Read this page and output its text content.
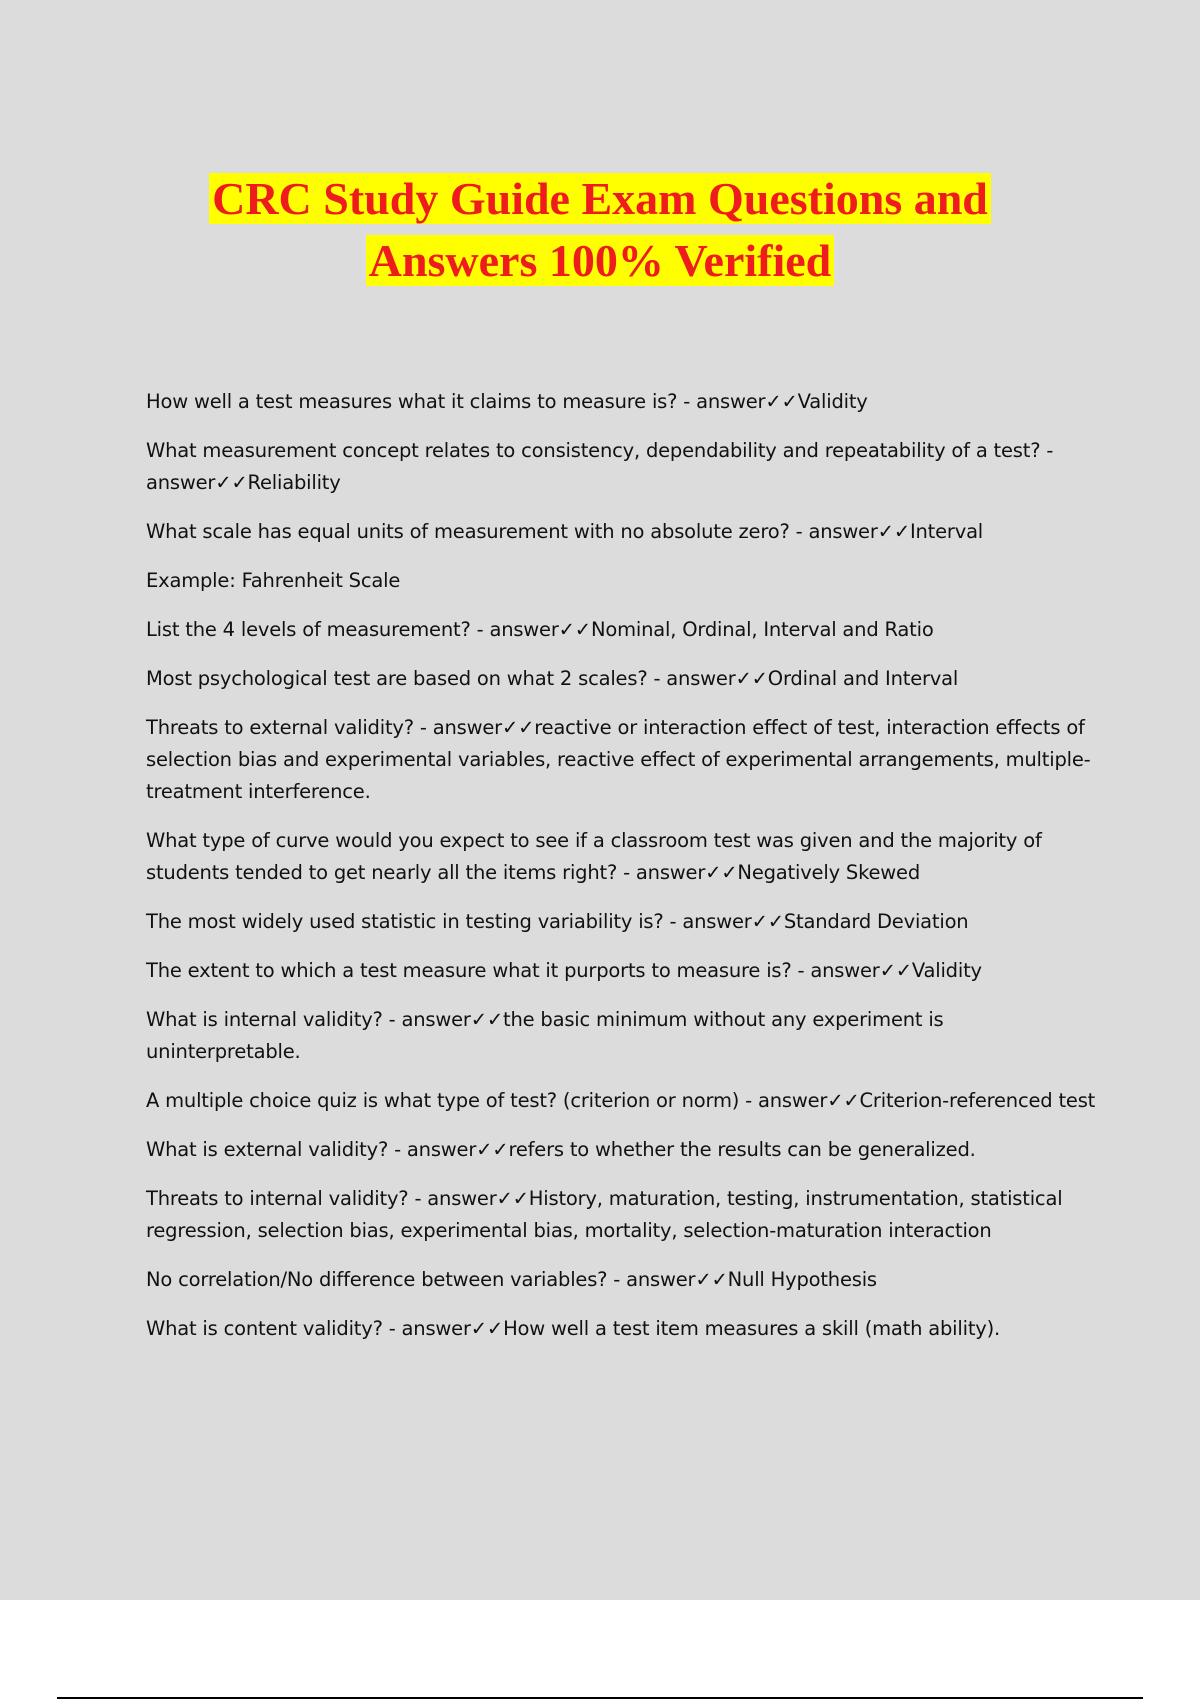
CRC Study Guide Exam Questions and
Answers 100% Verified

How well a test measures what it claims to measure is? - answer✓✓Validity

What measurement concept relates to consistency, dependability and repeatability of a test? - answer✓✓Reliability

What scale has equal units of measurement with no absolute zero? - answer✓✓Interval

Example: Fahrenheit Scale

List the 4 levels of measurement? - answer✓✓Nominal, Ordinal, Interval and Ratio

Most psychological test are based on what 2 scales? - answer✓✓Ordinal and Interval

Threats to external validity? - answer✓✓reactive or interaction effect of test, interaction effects of selection bias and experimental variables, reactive effect of experimental arrangements, multiple-treatment interference.

What type of curve would you expect to see if a classroom test was given and the majority of students tended to get nearly all the items right? - answer✓✓Negatively Skewed

The most widely used statistic in testing variability is? - answer✓✓Standard Deviation

The extent to which a test measure what it purports to measure is? - answer✓✓Validity

What is internal validity? - answer✓✓the basic minimum without any experiment is uninterpretable.

A multiple choice quiz is what type of test? (criterion or norm) - answer✓✓Criterion-referenced test

What is external validity? - answer✓✓refers to whether the results can be generalized.

Threats to internal validity? - answer✓✓History, maturation, testing, instrumentation, statistical regression, selection bias, experimental bias, mortality, selection-maturation interaction

No correlation/No difference between variables? - answer✓✓Null Hypothesis

What is content validity? - answer✓✓How well a test item measures a skill (math ability).
